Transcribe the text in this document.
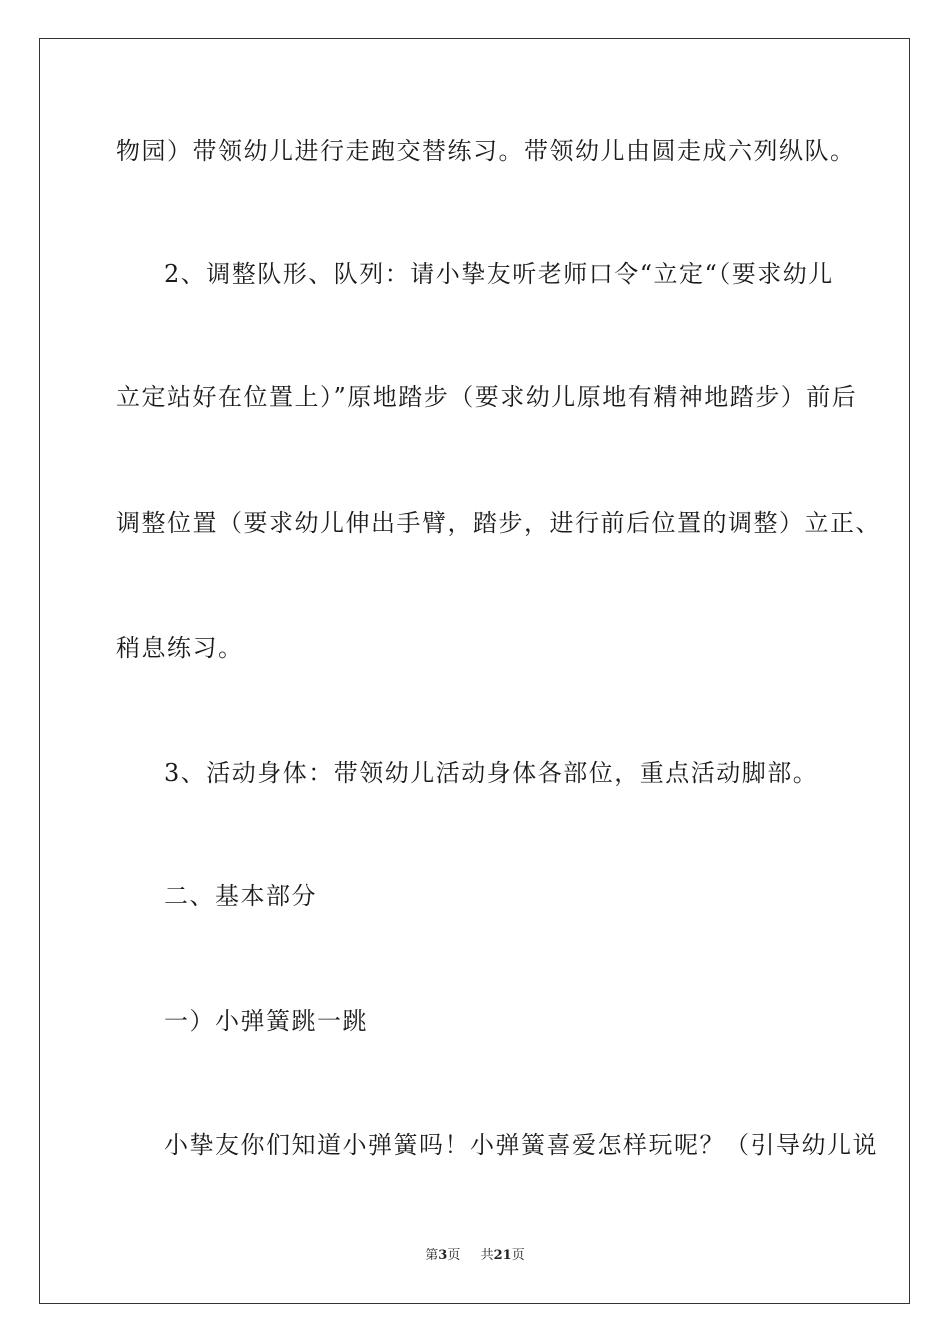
物园）带领幼儿进行走跑交替练习。带领幼儿由圆走成六列纵队。
2、调整队形、队列：请小挚友听老师口令“立定“（要求幼儿
立定站好在位置上）”原地踏步（要求幼儿原地有精神地踏步）前后
调整位置（要求幼儿伸出手臂，踏步，进行前后位置的调整）立正、
稍息练习。
3、活动身体：带领幼儿活动身体各部位，重点活动脚部。
二、基本部分
一）小弹簧跳一跳
小挚友你们知道小弹簧吗！小弹簧喜爱怎样玩呢？（引导幼儿说
第3页 共21页
